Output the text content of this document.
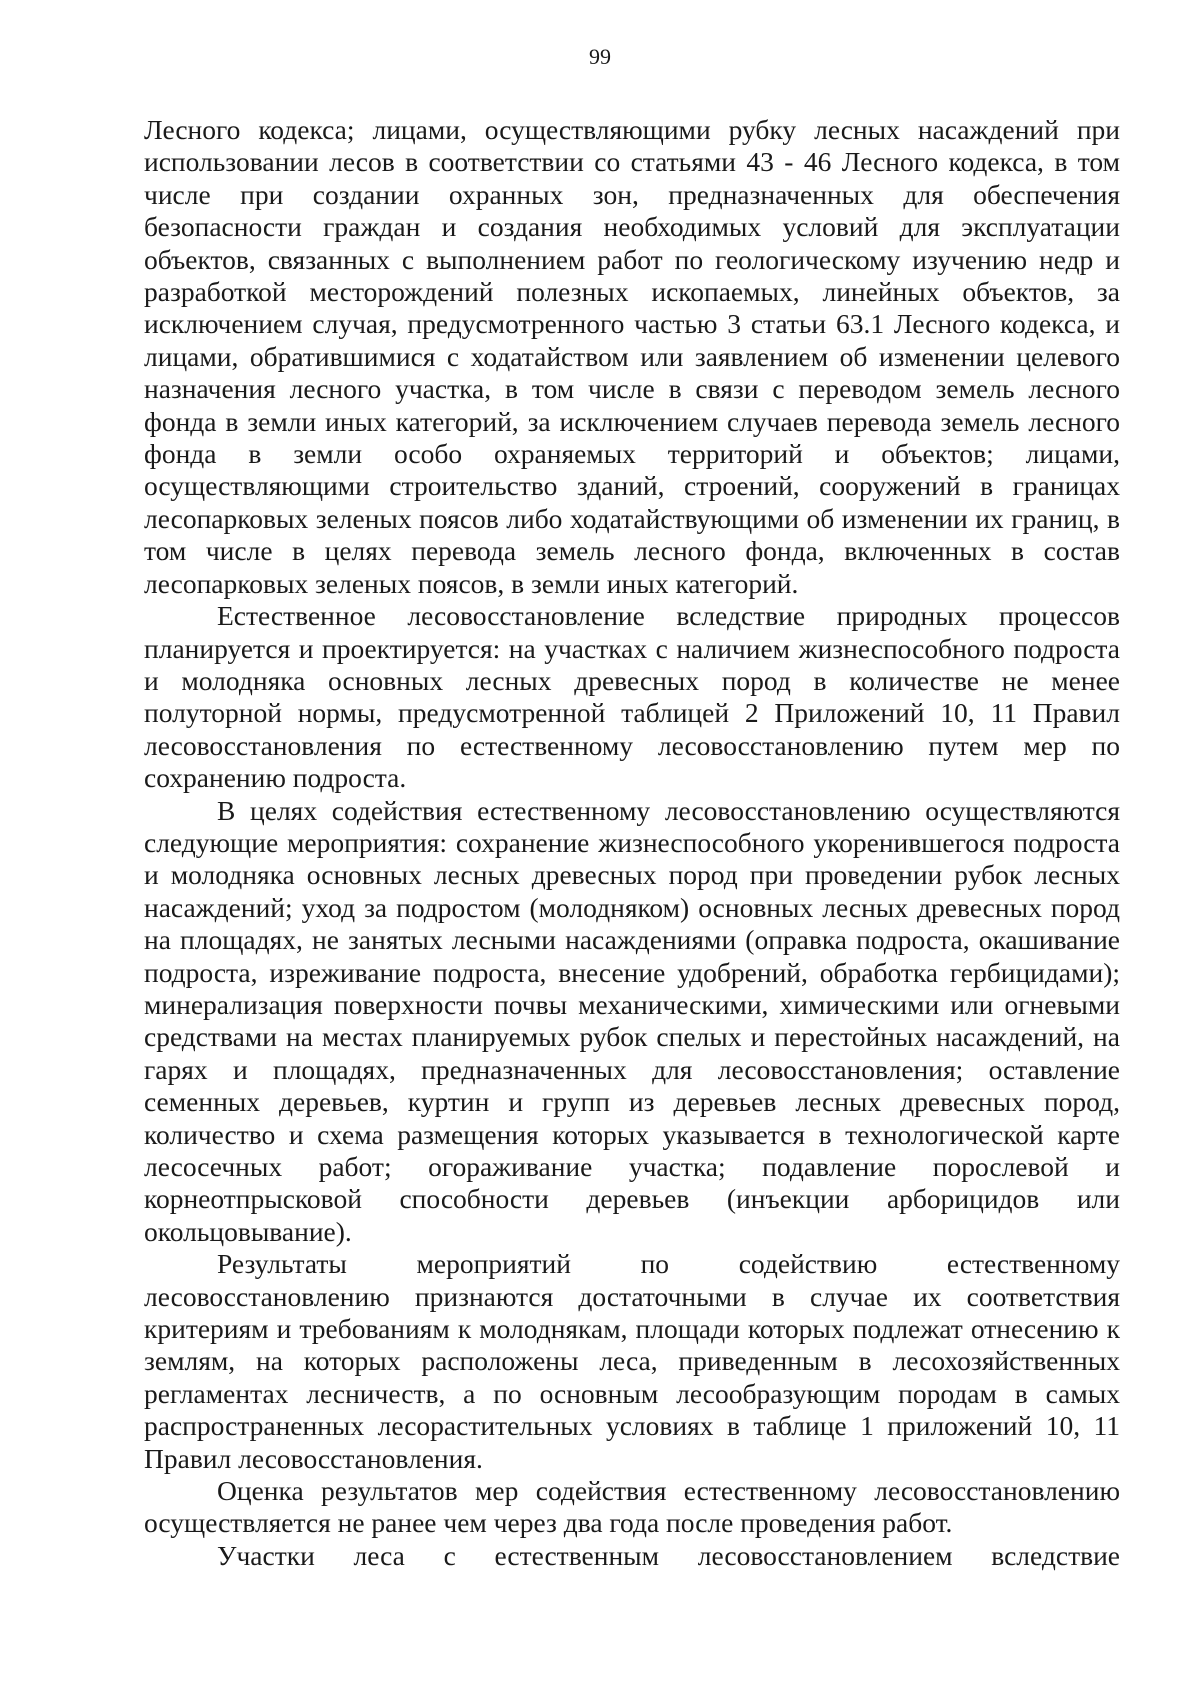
99

Лесного кодекса; лицами, осуществляющими рубку лесных насаждений при использовании лесов в соответствии со статьями 43 - 46 Лесного кодекса, в том числе при создании охранных зон, предназначенных для обеспечения безопасности граждан и создания необходимых условий для эксплуатации объектов, связанных с выполнением работ по геологическому изучению недр и разработкой месторождений полезных ископаемых, линейных объектов, за исключением случая, предусмотренного частью 3 статьи 63.1 Лесного кодекса, и лицами, обратившимися с ходатайством или заявлением об изменении целевого назначения лесного участка, в том числе в связи с переводом земель лесного фонда в земли иных категорий, за исключением случаев перевода земель лесного фонда в земли особо охраняемых территорий и объектов; лицами, осуществляющими строительство зданий, строений, сооружений в границах лесопарковых зеленых поясов либо ходатайствующими об изменении их границ, в том числе в целях перевода земель лесного фонда, включенных в состав лесопарковых зеленых поясов, в земли иных категорий.

Естественное лесовосстановление вследствие природных процессов планируется и проектируется: на участках с наличием жизнеспособного подроста и молодняка основных лесных древесных пород в количестве не менее полуторной нормы, предусмотренной таблицей 2 Приложений 10, 11 Правил лесовосстановления по естественному лесовосстановлению путем мер по сохранению подроста.

В целях содействия естественному лесовосстановлению осуществляются следующие мероприятия: сохранение жизнеспособного укоренившегося подроста и молодняка основных лесных древесных пород при проведении рубок лесных насаждений; уход за подростом (молодняком) основных лесных древесных пород на площадях, не занятых лесными насаждениями (оправка подроста, окашивание подроста, изреживание подроста, внесение удобрений, обработка гербицидами); минерализация поверхности почвы механическими, химическими или огневыми средствами на местах планируемых рубок спелых и перестойных насаждений, на гарях и площадях, предназначенных для лесовосстановления; оставление семенных деревьев, куртин и групп из деревьев лесных древесных пород, количество и схема размещения которых указывается в технологической карте лесосечных работ; огораживание участка; подавление порослевой и корнеотпрысковой способности деревьев (инъекции арборицидов или окольцовывание).

Результаты мероприятий по содействию естественному лесовосстановлению признаются достаточными в случае их соответствия критериям и требованиям к молоднякам, площади которых подлежат отнесению к землям, на которых расположены леса, приведенным в лесохозяйственных регламентах лесничеств, а по основным лесообразующим породам в самых распространенных лесорастительных условиях в таблице 1 приложений 10, 11 Правил лесовосстановления.

Оценка результатов мер содействия естественному лесовосстановлению осуществляется не ранее чем через два года после проведения работ.

Участки леса с естественным лесовосстановлением вследствие
